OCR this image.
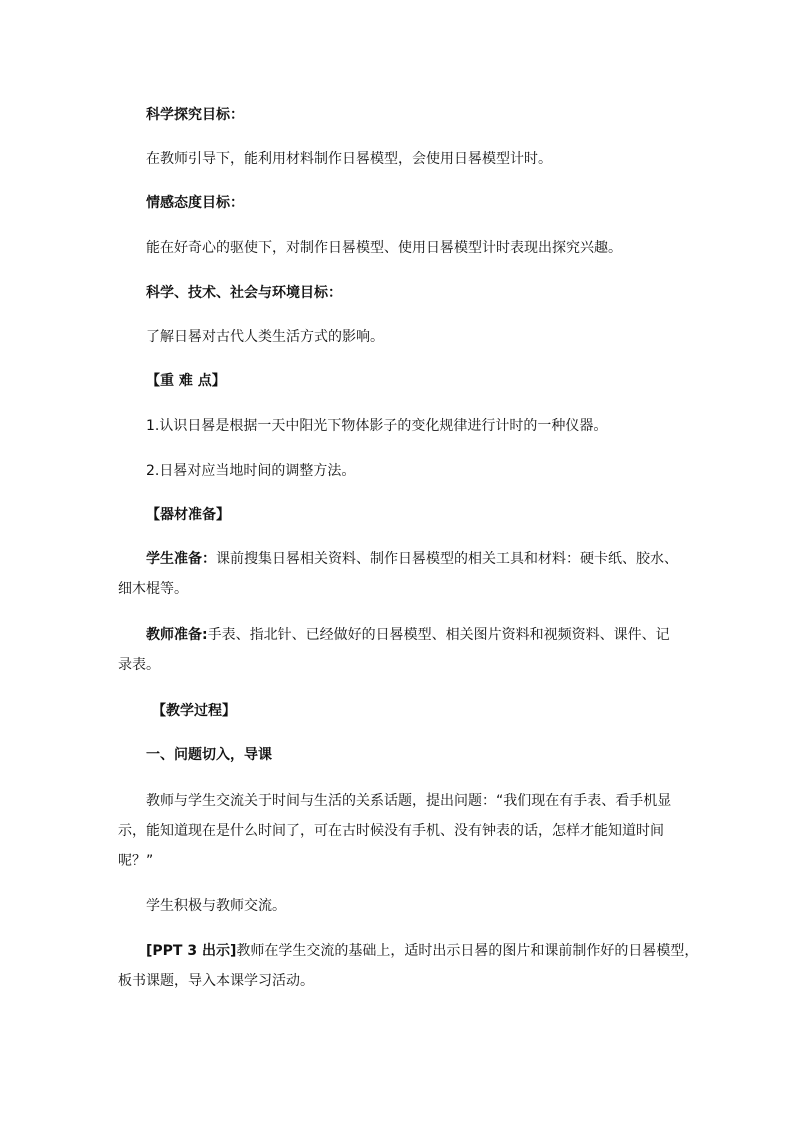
科学探究目标：
在教师引导下，能利用材料制作日晷模型，会使用日晷模型计时。
情感态度目标：
能在好奇心的驱使下，对制作日晷模型、使用日晷模型计时表现出探究兴趣。
科学、技术、社会与环境目标：
了解日晷对古代人类生活方式的影响。
【重 难 点】
1.认识日晷是根据一天中阳光下物体影子的变化规律进行计时的一种仪器。
2.日晷对应当地时间的调整方法。
【器材准备】
学生准备：课前搜集日晷相关资料、制作日晷模型的相关工具和材料：硬卡纸、胶水、
细木棍等。
教师准备:手表、指北针、已经做好的日晷模型、相关图片资料和视频资料、课件、记
录表。
【教学过程】
一、问题切入，导课
教师与学生交流关于时间与生活的关系话题，提出问题：“我们现在有手表、看手机显
示，能知道现在是什么时间了，可在古时候没有手机、没有钟表的话，怎样才能知道时间
呢？”
学生积极与教师交流。
[PPT 3 出示]教师在学生交流的基础上，适时出示日晷的图片和课前制作好的日晷模型，
板书课题，导入本课学习活动。
